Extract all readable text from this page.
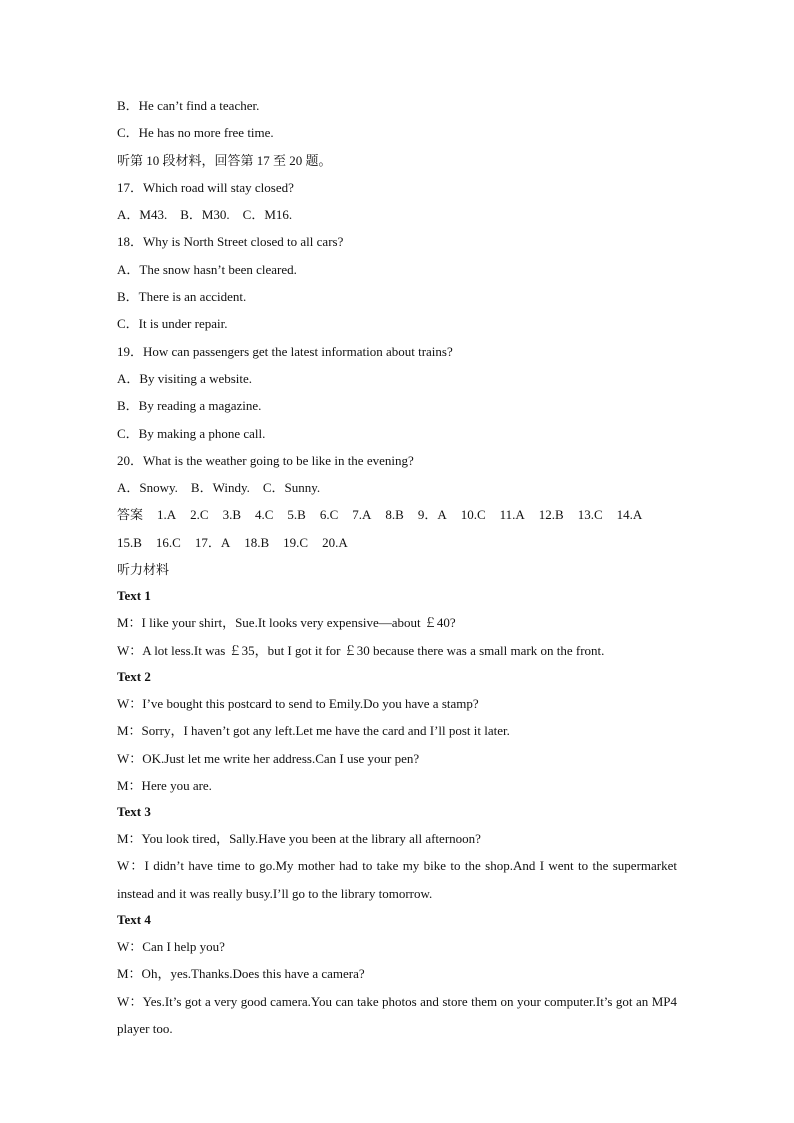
B．He can’t find a teacher.

C．He has no more free time.

听第 10 段材料，回答第 17 至 20 题。

17．Which road will stay closed?

A．M43.　B．M30.　C．M16.

18．Why is North Street closed to all cars?

A．The snow hasn’t been cleared.

B．There is an accident.

C．It is under repair.

19．How can passengers get the latest information about trains?

A．By visiting a website.

B．By reading a magazine.

C．By making a phone call.

20．What is the weather going to be like in the evening?

A．Snowy.　B．Windy.　C．Sunny.

答案 1.A 2.C 3.B 4.C 5.B 6.C 7.A 8.B 9．A 10.C 11.A 12.B 13.C 14.A15.B 16.C 17．A 18.B 19.C 20.A

听力材料

Text 1

M：I like your shirt，Sue.It looks very expensive—about ￡40?

W：A lot less.It was ￡35，but I got it for ￡30 because there was a small mark on the front.

Text 2

W：I’ve bought this postcard to send to Emily.Do you have a stamp?

M：Sorry，I haven’t got any left.Let me have the card and I’ll post it later.

W：OK.Just let me write her address.Can I use your pen?

M：Here you are.

Text 3

M：You look tired，Sally.Have you been at the library all afternoon?

W：I didn’t have time to go.My mother had to take my bike to the shop.And I went to the supermarket instead and it was really busy.I’ll go to the library tomorrow.

Text 4

W：Can I help you?

M：Oh，yes.Thanks.Does this have a camera?

W：Yes.It’s got a very good camera.You can take photos and store them on your computer.It’s got an MP4 player too.
